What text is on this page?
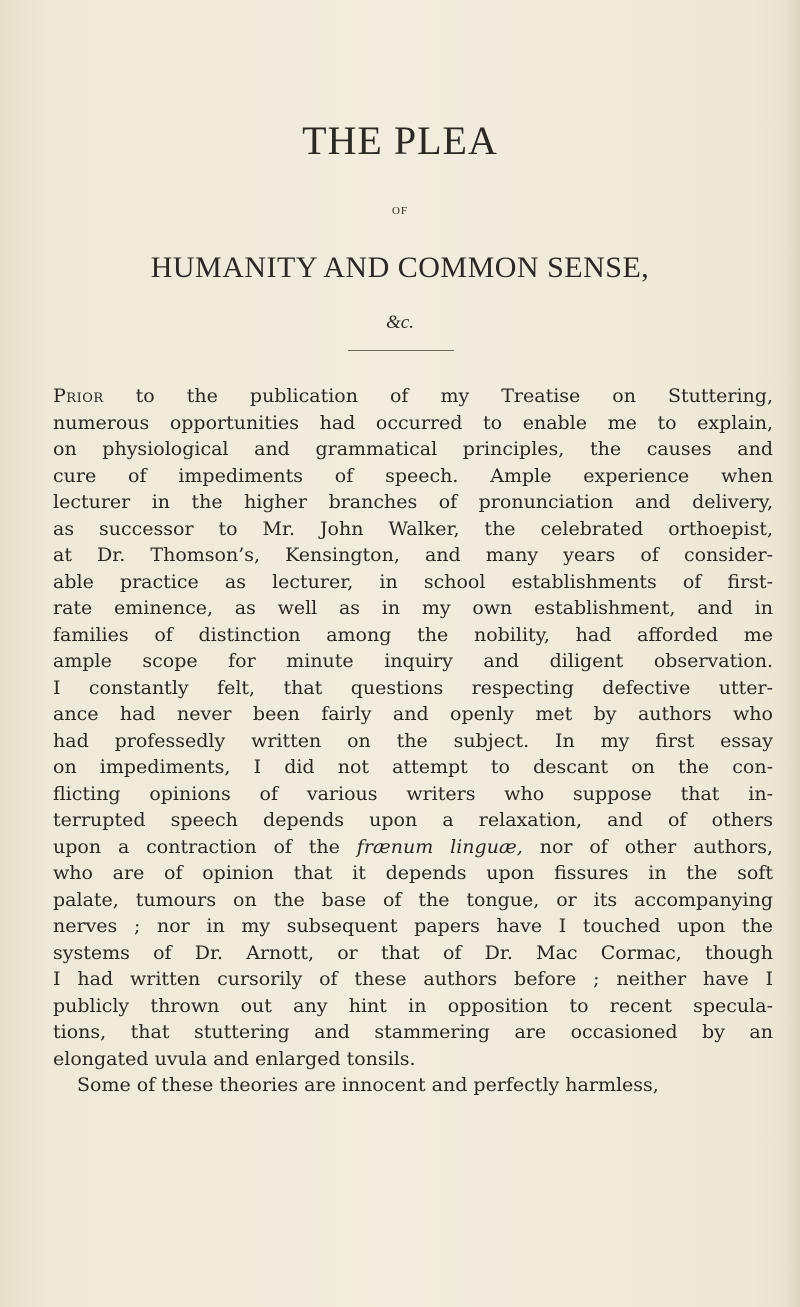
THE PLEA
OF
HUMANITY AND COMMON SENSE,
&c.
Prior to the publication of my Treatise on Stuttering,
numerous opportunities had occurred to enable me to explain,
on physiological and grammatical principles, the causes and
cure of impediments of speech. Ample experience when
lecturer in the higher branches of pronunciation and delivery,
as successor to Mr. John Walker, the celebrated orthoepist,
at Dr. Thomson’s, Kensington, and many years of consider-
able practice as lecturer, in school establishments of first-
rate eminence, as well as in my own establishment, and in
families of distinction among the nobility, had afforded me
ample scope for minute inquiry and diligent observation.
I constantly felt, that questions respecting defective utter-
ance had never been fairly and openly met by authors who
had professedly written on the subject. In my first essay
on impediments, I did not attempt to descant on the con-
flicting opinions of various writers who suppose that in-
terrupted speech depends upon a relaxation, and of others
upon a contraction of the frænum linguæ, nor of other authors,
who are of opinion that it depends upon fissures in the soft
palate, tumours on the base of the tongue, or its accompanying
nerves ; nor in my subsequent papers have I touched upon the
systems of Dr. Arnott, or that of Dr. Mac Cormac, though
I had written cursorily of these authors before ; neither have I
publicly thrown out any hint in opposition to recent specula-
tions, that stuttering and stammering are occasioned by an
elongated uvula and enlarged tonsils.
Some of these theories are innocent and perfectly harmless,
